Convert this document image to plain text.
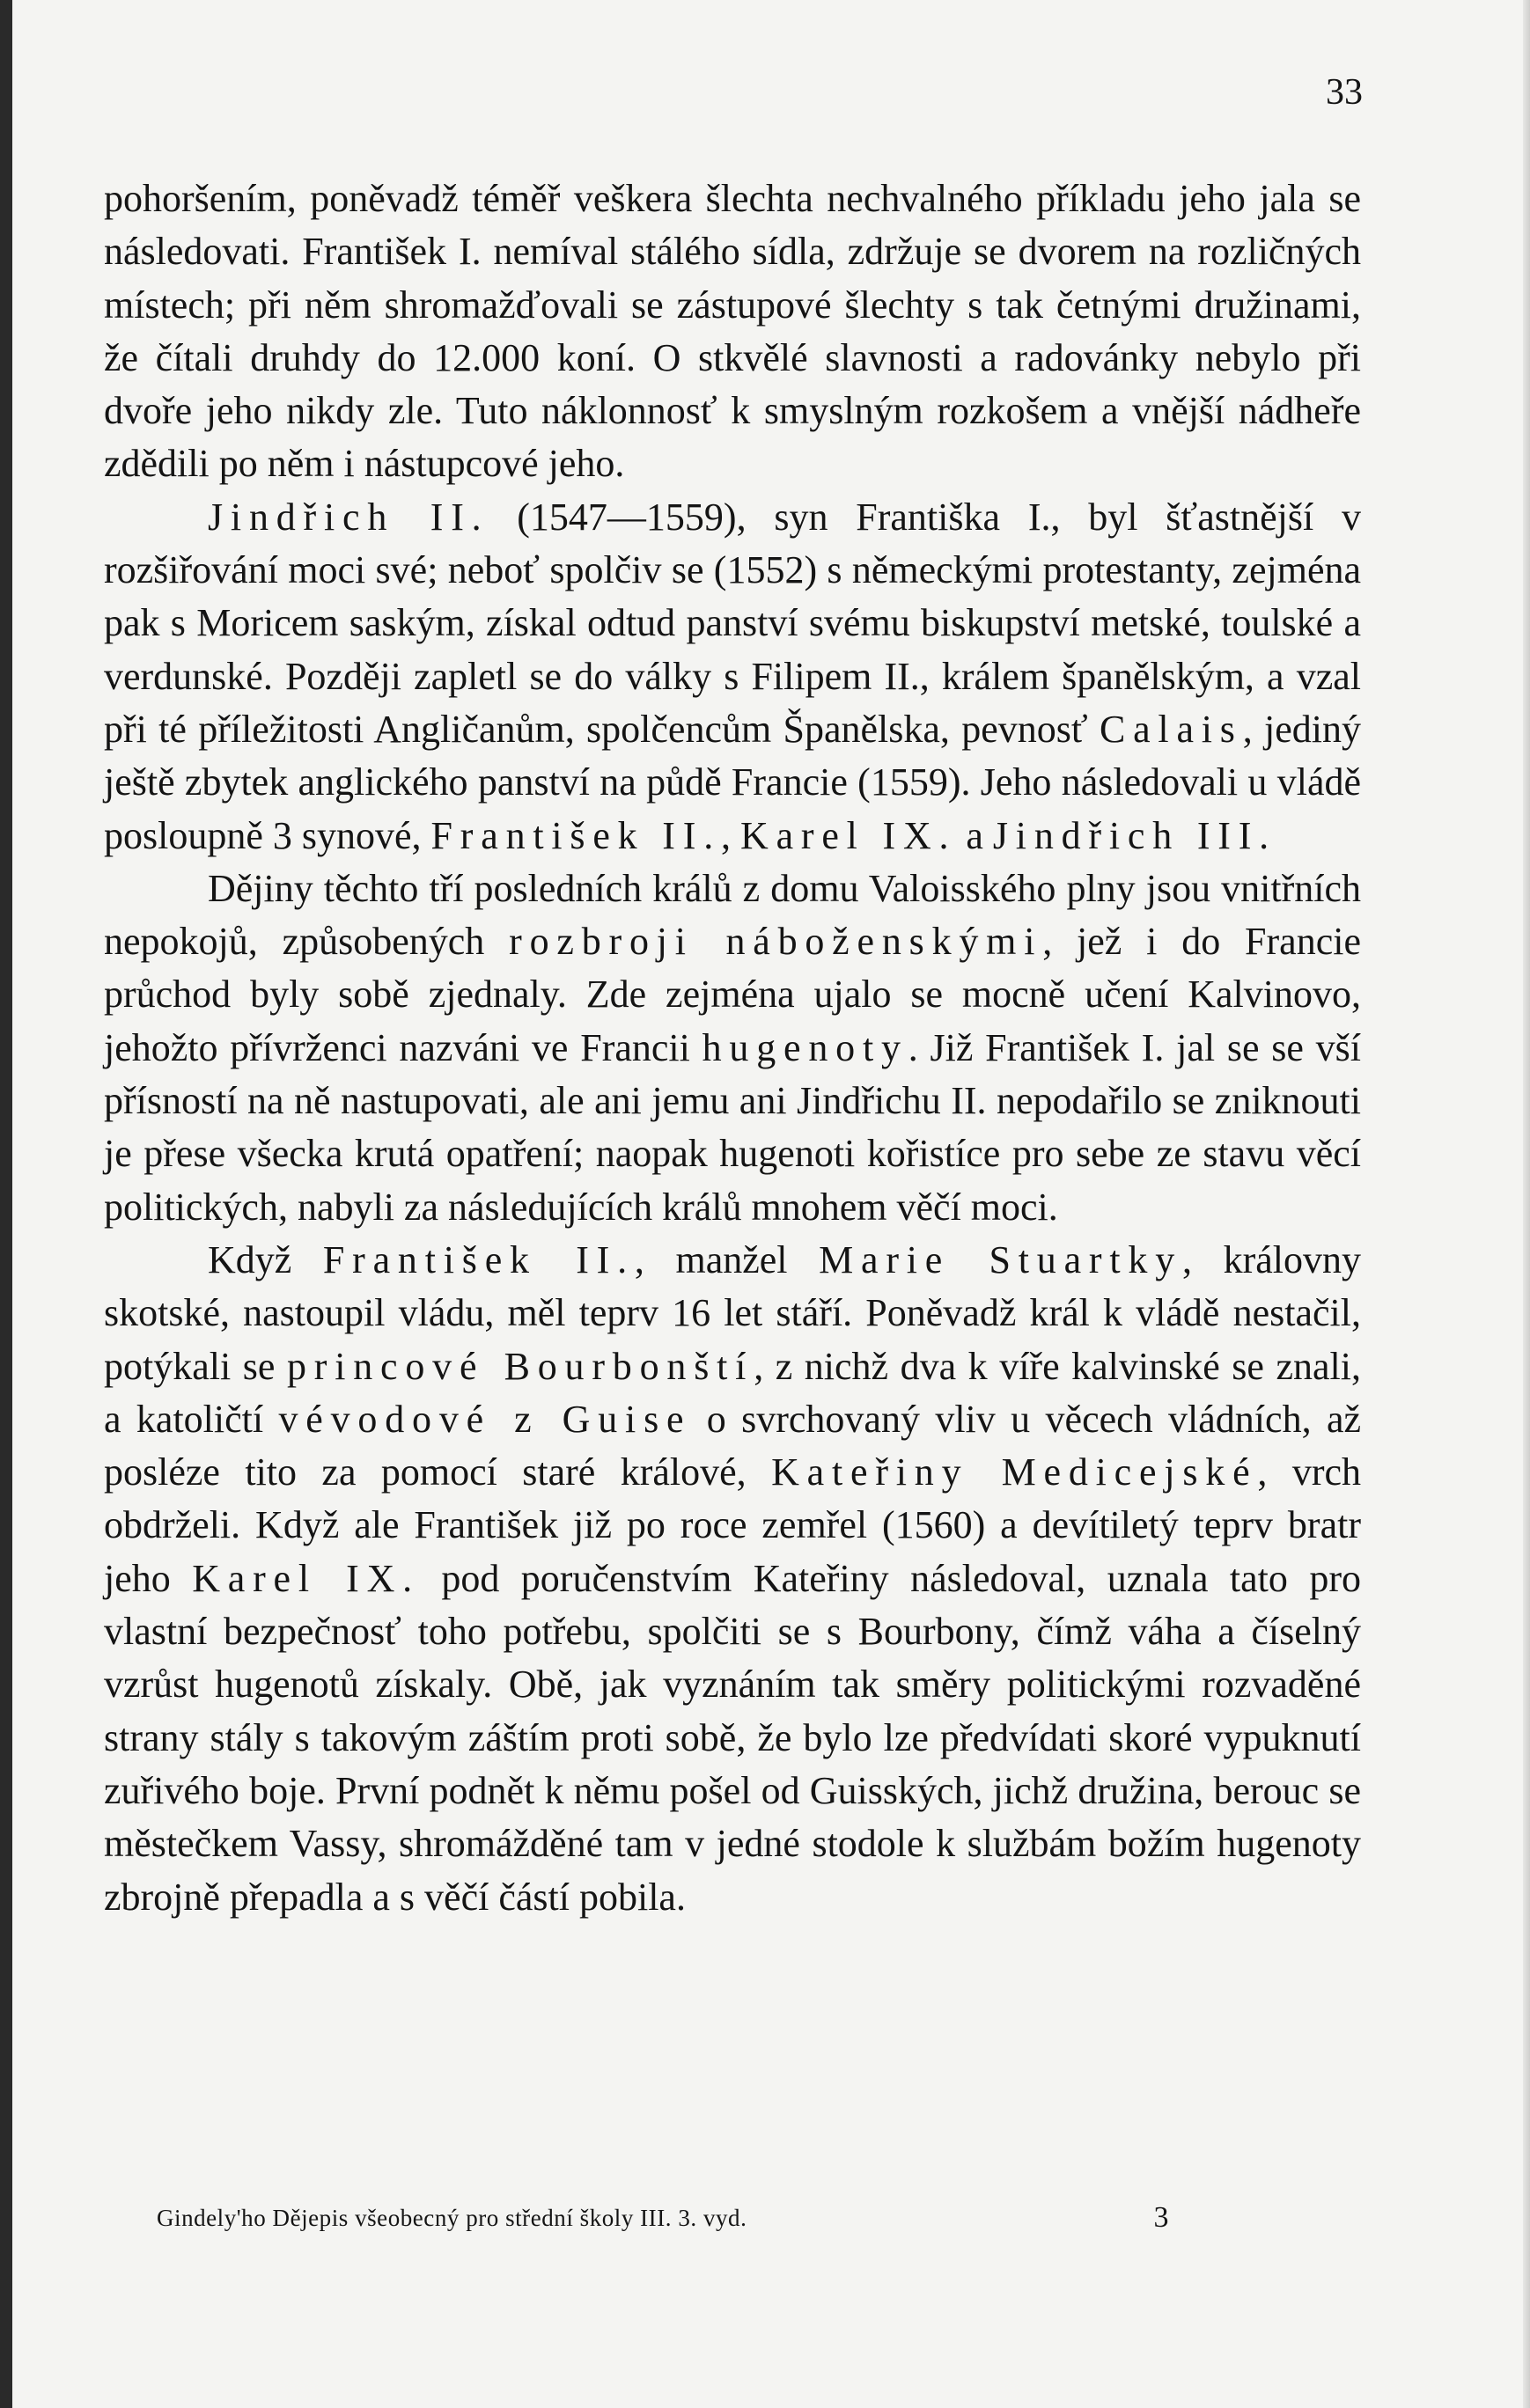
33

pohoršením, poněvadž téměř veškera šlechta nechvalného příkladu jeho jala se následovati. František I. nemíval stálého sídla, zdržuje se dvorem na rozličných místech; při něm shromažďovali se zástupové šlechty s tak četnými družinami, že čítali druhdy do 12.000 koní. O stkvělé slavnosti a radovánky nebylo při dvoře jeho nikdy zle. Tuto náklonnosť k smyslným rozkošem a vnější nádheře zdědili po něm i nástupcové jeho.

Jindřich II. (1547—1559), syn Františka I., byl šťastnější v rozšiřování moci své; neboť spolčiv se (1552) s německými protestanty, zejména pak s Moricem saským, získal odtud panství svému biskupství metské, toulské a verdunské. Později zapletl se do války s Filipem II., králem španělským, a vzal při té příležitosti Angličanům, spolčencům Španělska, pevnosť Calais, jediný ještě zbytek anglického panství na půdě Francie (1559). Jeho následovali u vládě posloupně 3 synové, František II., Karel IX. a Jindřich III.

Dějiny těchto tří posledních králů z domu Valoisského plny jsou vnitřních nepokojů, způsobených rozbroji náboženskými, jež i do Francie průchod byly sobě zjednaly. Zde zejména ujalo se mocně učení Kalvinovo, jehožto přívrženci nazváni ve Francii hugenoty. Již František I. jal se se vší přísností na ně nastupovati, ale ani jemu ani Jindřichu II. nepodařilo se zniknouti je přese všecka krutá opatření; naopak hugenoti kořistíce pro sebe ze stavu věcí politických, nabyli za následujících králů mnohem věčí moci.

Když František II., manžel Marie Stuartky, královny skotské, nastoupil vládu, měl teprv 16 let stáří. Poněvadž král k vládě nestačil, potýkali se princové Bourbonští, z nichž dva k víře kalvinské se znali, a katoličtí vévodové z Guise o svrchovaný vliv u věcech vládních, až posléze tito za pomocí staré králové, Kateřiny Medicejské, vrch obdrželi. Když ale František již po roce zemřel (1560) a devítiletý teprv bratr jeho Karel IX. pod poručenstvím Kateřiny následoval, uznala tato pro vlastní bezpečnosť toho potřebu, spolčiti se s Bourbony, čímž váha a číselný vzrůst hugenotů získaly. Obě, jak vyznáním tak směry politickými rozvaděné strany stály s takovým záštím proti sobě, že bylo lze předvídati skoré vypuknutí zuřivého boje. První podnět k němu pošel od Guisských, jichž družina, berouc se městečkem Vassy, shromážděné tam v jedné stodole k službám božím hugenoty zbrojně přepadla a s věčí částí pobila.

Gindely'ho Dějepis všeobecný pro střední školy III. 3. vyd.	3
